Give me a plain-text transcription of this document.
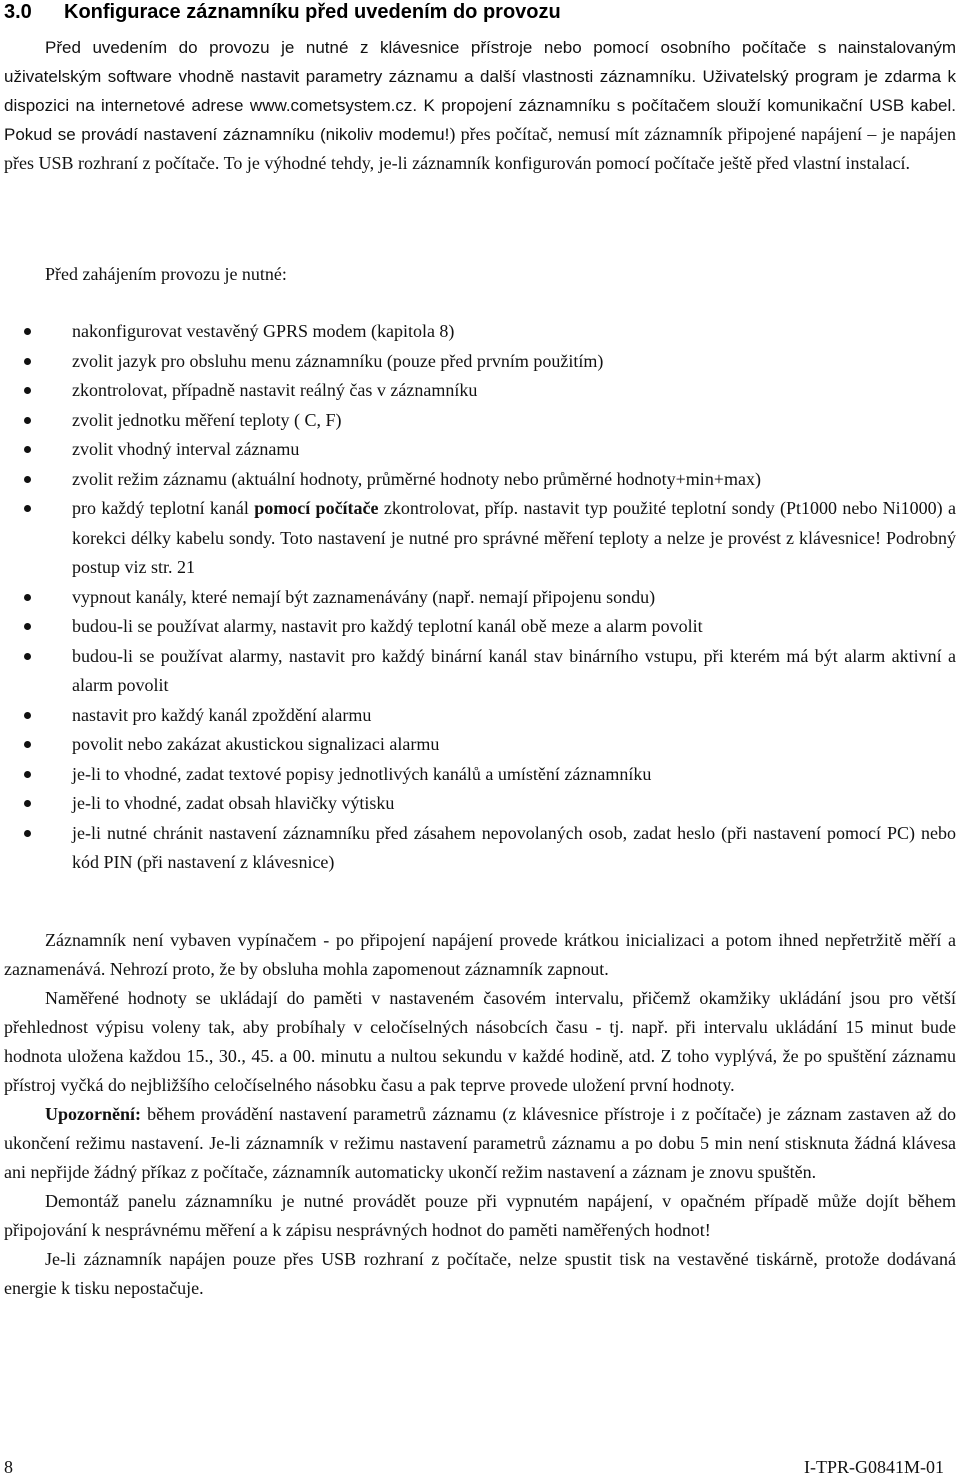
3.0 Konfigurace záznamníku před uvedením do provozu

Před uvedením do provozu je nutné z klávesnice přístroje nebo pomocí osobního počítače s nainstalovaným uživatelským software vhodně nastavit parametry záznamu a další vlastnosti záznamníku. Uživatelský program je zdarma k dispozici na internetové adrese www.cometsystem.cz. K propojení záznamníku s počítačem slouží komunikační USB kabel. Pokud se provádí nastavení záznamníku (nikoliv modemu!) přes počítač, nemusí mít záznamník připojené napájení – je napájen přes USB rozhraní z počítače. To je výhodné tehdy, je-li záznamník konfigurován pomocí počítače ještě před vlastní instalací.

Před zahájením provozu je nutné:

nakonfigurovat vestavěný GPRS modem (kapitola 8)
zvolit jazyk pro obsluhu menu záznamníku (pouze před prvním použitím)
zkontrolovat, případně nastavit reálný čas v záznamníku
zvolit jednotku měření teploty ( C, F)
zvolit vhodný interval záznamu
zvolit režim záznamu (aktuální hodnoty, průměrné hodnoty nebo průměrné hodnoty+min+max)
pro každý teplotní kanál pomocí počítače zkontrolovat, příp. nastavit typ použité teplotní sondy (Pt1000 nebo Ni1000) a korekci délky kabelu sondy. Toto nastavení je nutné pro správné měření teploty a nelze je provést z klávesnice! Podrobný postup viz str. 21
vypnout kanály, které nemají být zaznamenávány (např. nemají připojenu sondu)
budou-li se používat alarmy, nastavit pro každý teplotní kanál obě meze a alarm povolit
budou-li se používat alarmy, nastavit pro každý binární kanál stav binárního vstupu, při kterém má být alarm aktivní a alarm povolit
nastavit pro každý kanál zpoždění alarmu
povolit nebo zakázat akustickou signalizaci alarmu
je-li to vhodné, zadat textové popisy jednotlivých kanálů a umístění záznamníku
je-li to vhodné, zadat obsah hlavičky výtisku
je-li nutné chránit nastavení záznamníku před zásahem nepovolaných osob, zadat heslo (při nastavení pomocí PC) nebo kód PIN (při nastavení z klávesnice)

Záznamník není vybaven vypínačem - po připojení napájení provede krátkou inicializaci a potom ihned nepřetržitě měří a zaznamenává. Nehrozí proto, že by obsluha mohla zapomenout záznamník zapnout.

Naměřené hodnoty se ukládají do paměti v nastaveném časovém intervalu, přičemž okamžiky ukládání jsou pro větší přehlednost výpisu voleny tak, aby probíhaly v celočíselných násobcích času - tj. např. při intervalu ukládání 15 minut bude hodnota uložena každou 15., 30., 45. a 00. minutu a nultou sekundu v každé hodině, atd. Z toho vyplývá, že po spuštění záznamu přístroj vyčká do nejbližšího celočíselného násobku času a pak teprve provede uložení první hodnoty.

Upozornění: během provádění nastavení parametrů záznamu (z klávesnice přístroje i z počítače) je záznam zastaven až do ukončení režimu nastavení. Je-li záznamník v režimu nastavení parametrů záznamu a po dobu 5 min není stisknuta žádná klávesa ani nepřijde žádný příkaz z počítače, záznamník automaticky ukončí režim nastavení a záznam je znovu spuštěn.

Demontáž panelu záznamníku je nutné provádět pouze při vypnutém napájení, v opačném případě může dojít během připojování k nesprávnému měření a k zápisu nesprávných hodnot do paměti naměřených hodnot!

Je-li záznamník napájen pouze přes USB rozhraní z počítače, nelze spustit tisk na vestavěné tiskárně, protože dodávaná energie k tisku nepostačuje.

8	I-TPR-G0841M-01
